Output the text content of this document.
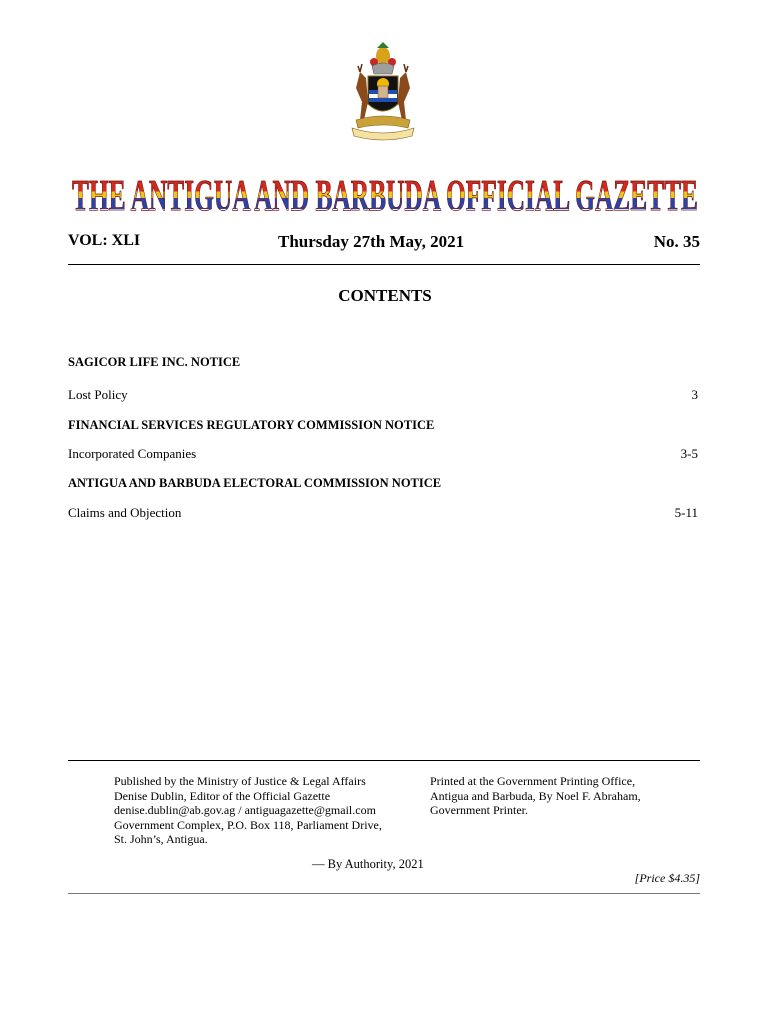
THE ANTIGUA AND BARBUDA OFFICIAL GAZETTE
VOL: XLI	Thursday 27th May, 2021	No. 35
CONTENTS
SAGICOR LIFE INC. NOTICE
Lost Policy	3
FINANCIAL SERVICES REGULATORY COMMISSION NOTICE
Incorporated Companies	3-5
ANTIGUA AND BARBUDA ELECTORAL COMMISSION NOTICE
Claims and Objection	5-11
Published by the Ministry of Justice & Legal Affairs
Denise Dublin, Editor of the Official Gazette
denise.dublin@ab.gov.ag / antiguagazette@gmail.com
Government Complex, P.O. Box 118, Parliament Drive,
St. John’s, Antigua.
Printed at the Government Printing Office,
Antigua and Barbuda, By Noel F. Abraham,
Government Printer.
— By Authority, 2021
[Price $4.35]
